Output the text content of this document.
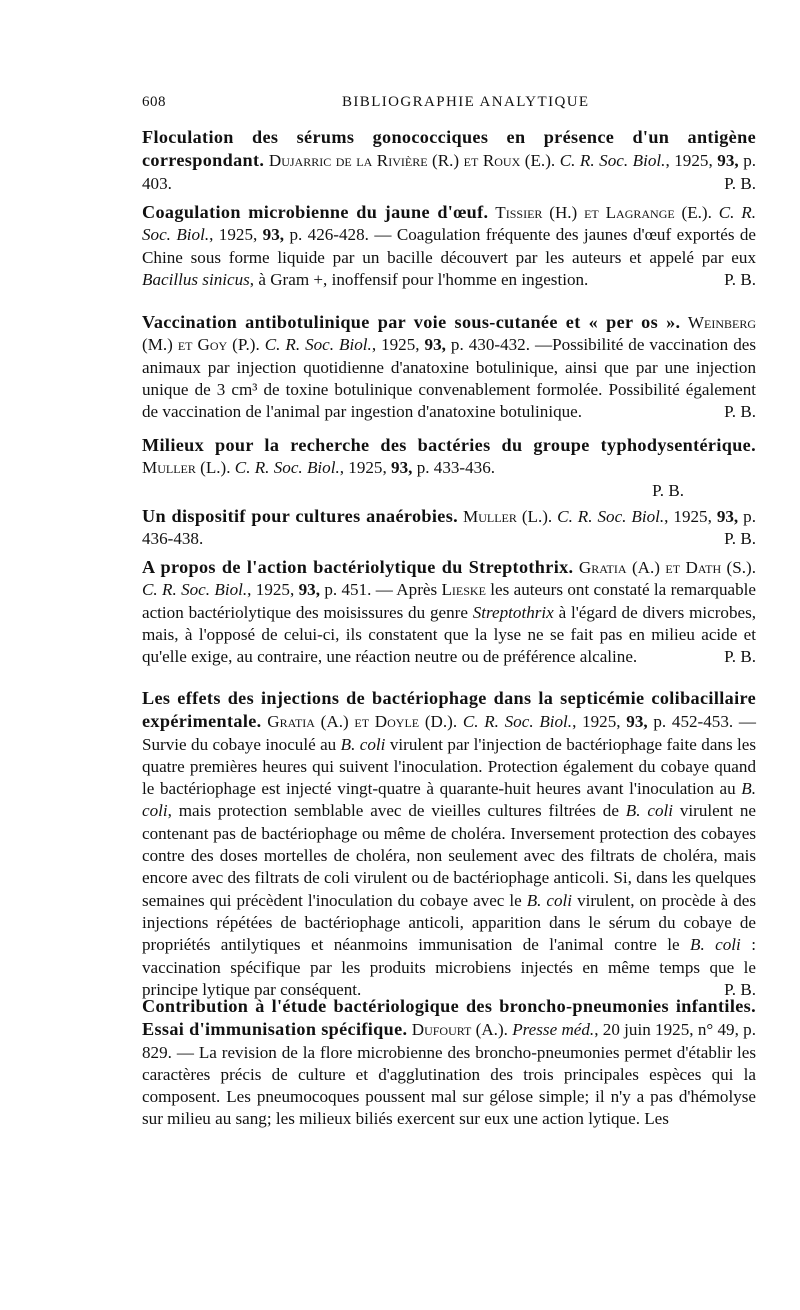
608	BIBLIOGRAPHIE ANALYTIQUE
Floculation des sérums gonococciques en présence d'un antigène correspondant. Dujarric de la Rivière (R.) et Roux (E.). C. R. Soc. Biol., 1925, 93, p. 403.	P. B.
Coagulation microbienne du jaune d'œuf. Tissier (H.) et Lagrange (E.). C. R. Soc. Biol., 1925, 93, p. 426-428. — Coagulation fréquente des jaunes d'œuf exportés de Chine sous forme liquide par un bacille découvert par les auteurs et appelé par eux Bacillus sinicus, à Gram +, inoffensif pour l'homme en ingestion.	P. B.
Vaccination antibotulinique par voie sous-cutanée et « per os ». Weinberg (M.) et Goy (P.). C. R. Soc. Biol., 1925, 93, p. 430-432. —Possibilité de vaccination des animaux par injection quotidienne d'anatoxine botulinique, ainsi que par une injection unique de 3 cm³ de toxine botulinique convenablement formolée. Possibilité également de vaccination de l'animal par ingestion d'anatoxine botulinique.	P. B.
Milieux pour la recherche des bactéries du groupe typhodysentérique. Muller (L.). C. R. Soc. Biol., 1925, 93, p. 433-436.
P. B.
Un dispositif pour cultures anaérobies. Muller (L.). C. R. Soc. Biol., 1925, 93, p. 436-438.	P. B.
A propos de l'action bactériolytique du Streptothrix. Gratia (A.) et Dath (S.). C. R. Soc. Biol., 1925, 93, p. 451. — Après Lieske les auteurs ont constaté la remarquable action bactériolytique des moisissures du genre Streptothrix à l'égard de divers microbes, mais, à l'opposé de celui-ci, ils constatent que la lyse ne se fait pas en milieu acide et qu'elle exige, au contraire, une réaction neutre ou de préférence alcaline.	P. B.
Les effets des injections de bactériophage dans la septicémie colibacillaire expérimentale. Gratia (A.) et Doyle (D.). C. R. Soc. Biol., 1925, 93, p. 452-453. — Survie du cobaye inoculé au B. coli virulent par l'injection de bactériophage faite dans les quatre premières heures qui suivent l'inoculation. Protection également du cobaye quand le bactériophage est injecté vingt-quatre à quarante-huit heures avant l'inoculation au B. coli, mais protection semblable avec de vieilles cultures filtrées de B. coli virulent ne contenant pas de bactériophage ou même de choléra. Inversement protection des cobayes contre des doses mortelles de choléra, non seulement avec des filtrats de choléra, mais encore avec des filtrats de coli virulent ou de bactériophage anticoli. Si, dans les quelques semaines qui précèdent l'inoculation du cobaye avec le B. coli virulent, on procède à des injections répétées de bactériophage anticoli, apparition dans le sérum du cobaye de propriétés antilytiques et néanmoins immunisation de l'animal contre le B. coli : vaccination spécifique par les produits microbiens injectés en même temps que le principe lytique par conséquent.	P. B.
Contribution à l'étude bactériologique des broncho-pneumonies infantiles. Essai d'immunisation spécifique. Dufourt (A.). Presse méd., 20 juin 1925, n° 49, p. 829. — La revision de la flore microbienne des broncho-pneumonies permet d'établir les caractères précis de culture et d'agglutination des trois principales espèces qui la composent. Les pneumocoques poussent mal sur gélose simple; il n'y a pas d'hémolyse sur milieu au sang; les milieux biliés exercent sur eux une action lytique. Les
